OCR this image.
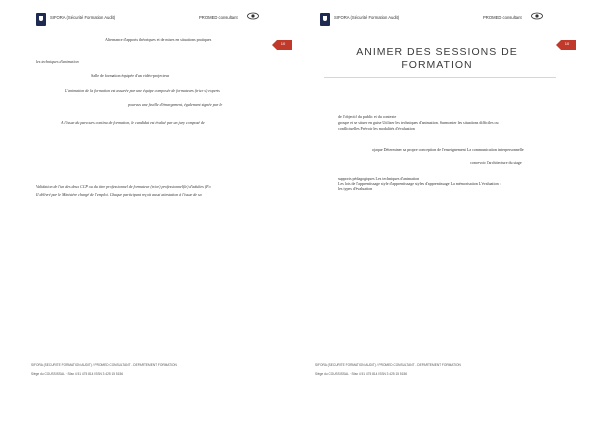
SIFORA (Sécurité Formation Audit)	PROMED consultant
10
Alternance d'apports théoriques et de mises en situations pratiques
les techniques d'animation
Salle de formation équipée d'un vidéo-projecteur
L'animation de la formation est assurée par une équipe composée de formateurs (trice s) experts
pourvus une feuille d'émargement, également signée par le
A l'issue du parcours continu de formation, le candidat est évalué par un jury composé de
Validation de l'un des deux CCP ou du titre professionnel de formateur (trice) professionnel(le) d'adultes (Fo
Il délivré par le Ministère chargé de l'emploi. Chaque participant reçoit aussi attestation à l'issue de sa
SIFORA (SECURITE FORMATION AUDIT) / PROMED CONSULTANT - DEPARTEMENT FORMATION
Siège du COUSSISSAL · Sfax 4 51 475 814 ISSN 3 425 15 5156
SIFORA (Sécurité Formation Audit)	PROMED consultant
10
ANIMER DES SESSIONS DE
FORMATION
de l'objectif du public et du contexte
groupe et se situer en guise Utiliser les techniques d'animation. Surmonter les situations difficiles ou
conflictuelles Prévoir les modalités d'évaluation
ojaque Déterminer sa propre conception de l'enseignement La communication interpersonnelle
concevoir l'architecture du stage
supports pédagogiques Les techniques d'animation
Les lois de l'apprentissage style d'apprentissage styles d'apprentissage La mémorisation L'évaluation :
les types d'évaluation
SIFORA (SECURITE FORMATION AUDIT) / PROMED CONSULTANT - DEPARTEMENT FORMATION
Siège du COUSSISSAL · Sfax 4 51 475 814 ISSN 3 425 15 5156
